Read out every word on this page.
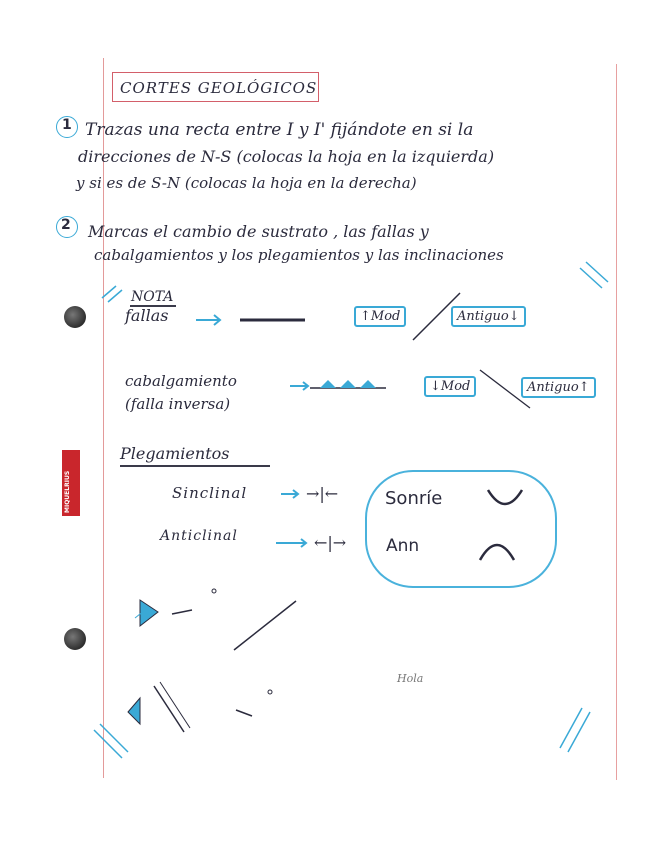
MIQUELRIUS
CORTES GEOLÓGICOS
1 Trazas una recta entre I y I' fijándote en si la
direcciones de N-S (colocas la hoja en la izquierda)
y si es de S-N (colocas la hoja en la derecha)
2 Marcas el cambio de sustrato , las fallas y
cabalgamientos y los plegamientos y las inclinaciones
NOTA
fallas	↑Mod	Antiguo↓
cabalgamiento
(falla inversa)
↓Mod	Antiguo↑
Plegamientos
Sinclinal	→|←
Anticlinal	←|→
Sonríe
Ann
Hola
